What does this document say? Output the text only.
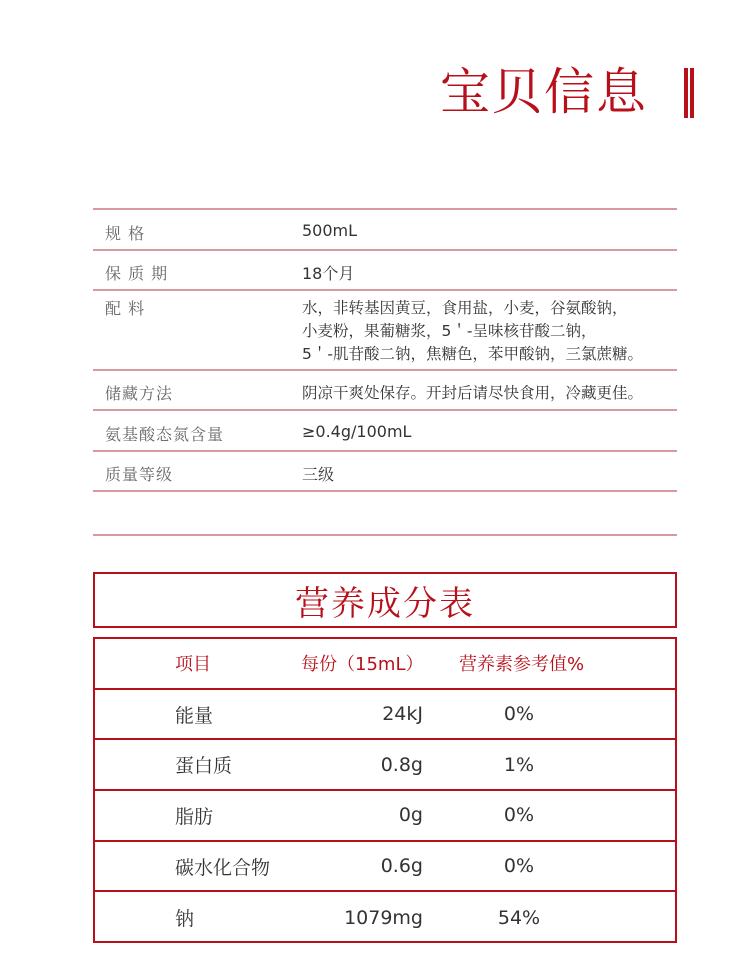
宝贝信息
规 格	500mL
保 质 期	18个月
配 料	水，非转基因黄豆，食用盐，小麦，谷氨酸钠，
小麦粉，果葡糖浆，5＇-呈味核苷酸二钠，
5＇-肌苷酸二钠，焦糖色，苯甲酸钠，三氯蔗糖。
储藏方法	阴凉干爽处保存。开封后请尽快食用，冷藏更佳。
氨基酸态氮含量	≥0.4g/100mL
质量等级	三级
营养成分表
项目	每份（15mL）	营养素参考值%
能量	24kJ	0%
蛋白质	0.8g	1%
脂肪	0g	0%
碳水化合物	0.6g	0%
钠	1079mg	54%
